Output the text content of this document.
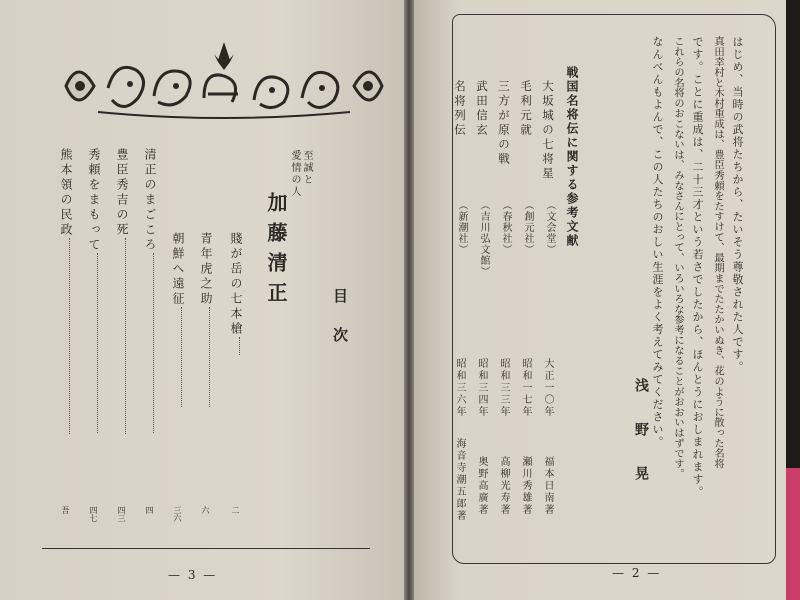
目次
至誠と
愛情の人
加藤清正
賤が岳の七本槍
二
青年虎之助
六
朝鮮へ遠征
三六
清正のまごころ
四
豊臣秀吉の死
四三
秀頼をまもって
四七
熊本領の民政
吾
— 3 —
はじめ、当時の武将たちから、たいそう尊敬された人です。
真田幸村と木村重成は、豊臣秀頼をたすけて、最期までたたかいぬき、花のように散った名将
です。ことに重成は、二十三才という若さでしたから、ほんとうにおしまれます。
これらの名将のおこないは、みなさんにとって、いろいろな参考になることがおおいはずです。
なんべんもよんで、この人たちのおしい生涯をよく考えてみてください。
浅野晃
戦国名将伝に関する参考文献
大坂城の七将星
（文会堂）
大正一〇年
福本日南著
毛利元就
（創元社）
昭和一七年
瀬川秀雄著
三方が原の戦
（春秋社）
昭和三三年
高柳光寿著
武田信玄
（吉川弘文館）
昭和三四年
奥野高廣著
名将列伝
（新潮社）
昭和三六年
海音寺潮五郎著
— 2 —
